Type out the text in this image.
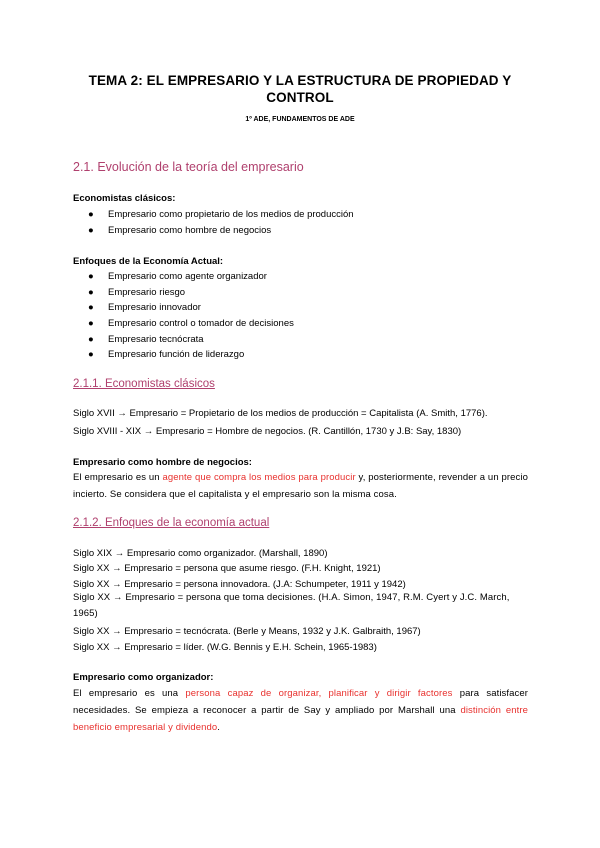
TEMA 2: EL EMPRESARIO Y LA ESTRUCTURA DE PROPIEDAD Y CONTROL
1º ADE, FUNDAMENTOS DE ADE
2.1. Evolución de la teoría del empresario
Economistas clásicos:
● Empresario como propietario de los medios de producción
● Empresario como hombre de negocios
Enfoques de la Economía Actual:
● Empresario como agente organizador
● Empresario riesgo
● Empresario innovador
● Empresario control o tomador de decisiones
● Empresario tecnócrata
● Empresario función de liderazgo
2.1.1. Economistas clásicos
Siglo XVII → Empresario = Propietario de los medios de producción = Capitalista (A. Smith, 1776).
Siglo XVIII - XIX → Empresario = Hombre de negocios. (R. Cantillón, 1730 y J.B: Say, 1830)
Empresario como hombre de negocios:
El empresario es un agente que compra los medios para producir y, posteriormente, revender a un precio incierto. Se considera que el capitalista y el empresario son la misma cosa.
2.1.2. Enfoques de la economía actual
Siglo XIX → Empresario como organizador. (Marshall, 1890)
Siglo XX → Empresario = persona que asume riesgo. (F.H. Knight, 1921)
Siglo XX → Empresario = persona innovadora. (J.A: Schumpeter, 1911 y 1942)
Siglo XX → Empresario = persona que toma decisiones. (H.A. Simon, 1947, R.M. Cyert y J.C. March, 1965)
Siglo XX → Empresario = tecnócrata. (Berle y Means, 1932 y J.K. Galbraith, 1967)
Siglo XX → Empresario = líder. (W.G. Bennis y E.H. Schein, 1965-1983)
Empresario como organizador:
El empresario es una persona capaz de organizar, planificar y dirigir factores para satisfacer necesidades. Se empieza a reconocer a partir de Say y ampliado por Marshall una distinción entre beneficio empresarial y dividendo.
